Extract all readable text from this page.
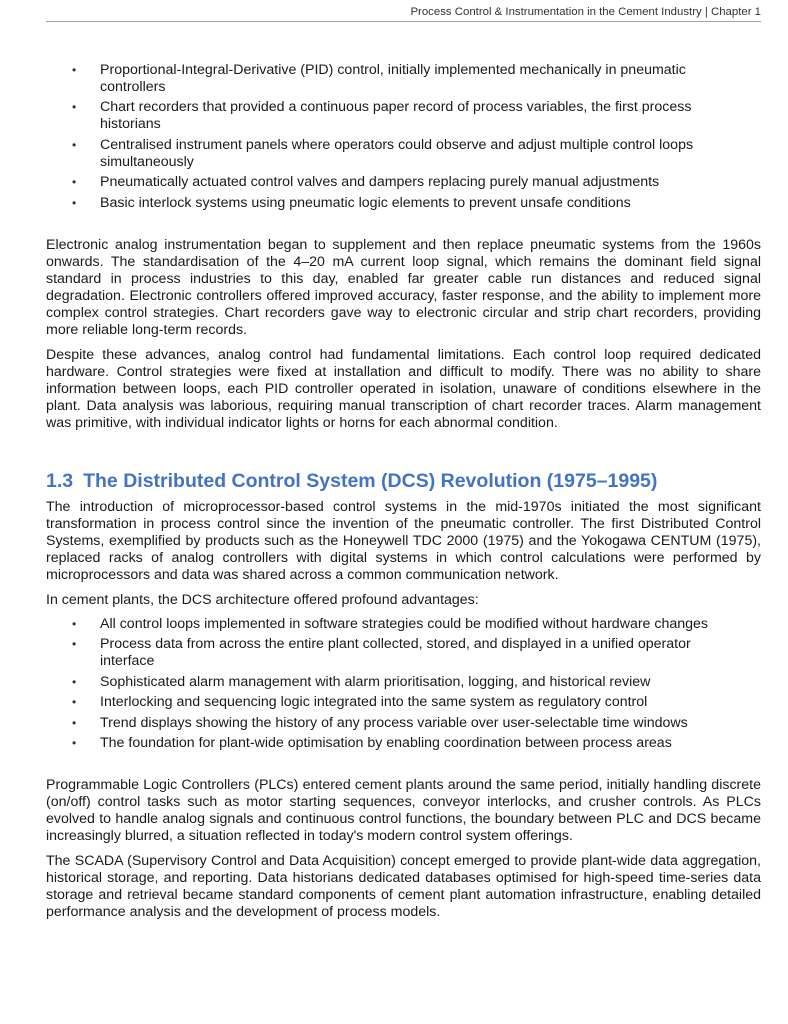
Process Control & Instrumentation in the Cement Industry | Chapter 1
• Proportional-Integral-Derivative (PID) control, initially implemented mechanically in pneumatic controllers
• Chart recorders that provided a continuous paper record of process variables, the first process historians
• Centralised instrument panels where operators could observe and adjust multiple control loops simultaneously
• Pneumatically actuated control valves and dampers replacing purely manual adjustments
• Basic interlock systems using pneumatic logic elements to prevent unsafe conditions

Electronic analog instrumentation began to supplement and then replace pneumatic systems from the 1960s onwards. The standardisation of the 4–20 mA current loop signal, which remains the dominant field signal standard in process industries to this day, enabled far greater cable run distances and reduced signal degradation. Electronic controllers offered improved accuracy, faster response, and the ability to implement more complex control strategies. Chart recorders gave way to electronic circular and strip chart recorders, providing more reliable long-term records.

Despite these advances, analog control had fundamental limitations. Each control loop required dedicated hardware. Control strategies were fixed at installation and difficult to modify. There was no ability to share information between loops, each PID controller operated in isolation, unaware of conditions elsewhere in the plant. Data analysis was laborious, requiring manual transcription of chart recorder traces. Alarm management was primitive, with individual indicator lights or horns for each abnormal condition.

1.3 The Distributed Control System (DCS) Revolution (1975–1995)

The introduction of microprocessor-based control systems in the mid-1970s initiated the most significant transformation in process control since the invention of the pneumatic controller. The first Distributed Control Systems, exemplified by products such as the Honeywell TDC 2000 (1975) and the Yokogawa CENTUM (1975), replaced racks of analog controllers with digital systems in which control calculations were performed by microprocessors and data was shared across a common communication network.

In cement plants, the DCS architecture offered profound advantages:

• All control loops implemented in software strategies could be modified without hardware changes
• Process data from across the entire plant collected, stored, and displayed in a unified operator interface
• Sophisticated alarm management with alarm prioritisation, logging, and historical review
• Interlocking and sequencing logic integrated into the same system as regulatory control
• Trend displays showing the history of any process variable over user-selectable time windows
• The foundation for plant-wide optimisation by enabling coordination between process areas

Programmable Logic Controllers (PLCs) entered cement plants around the same period, initially handling discrete (on/off) control tasks such as motor starting sequences, conveyor interlocks, and crusher controls. As PLCs evolved to handle analog signals and continuous control functions, the boundary between PLC and DCS became increasingly blurred, a situation reflected in today's modern control system offerings.

The SCADA (Supervisory Control and Data Acquisition) concept emerged to provide plant-wide data aggregation, historical storage, and reporting. Data historians dedicated databases optimised for high-speed time-series data storage and retrieval became standard components of cement plant automation infrastructure, enabling detailed performance analysis and the development of process models.
